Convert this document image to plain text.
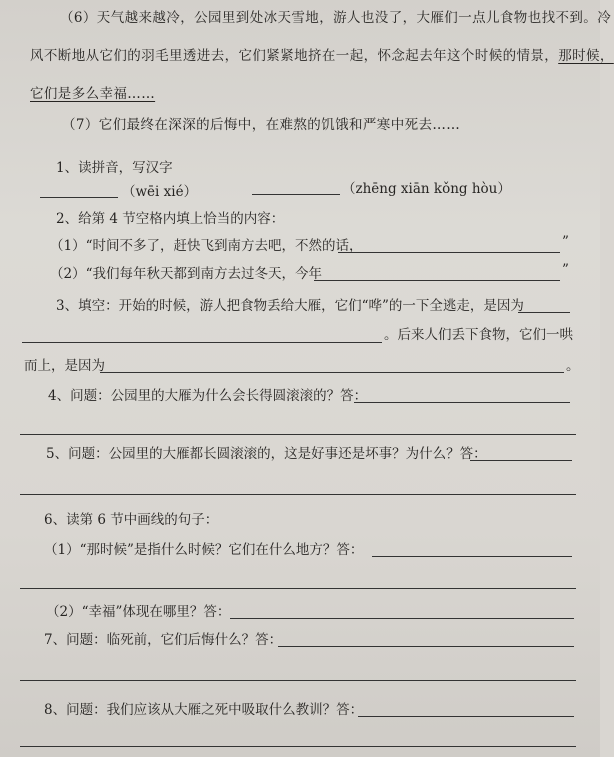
（6）天气越来越冷，公园里到处冰天雪地，游人也没了，大雁们一点儿食物也找不到。冷
风不断地从它们的羽毛里透进去，它们紧紧地挤在一起，怀念起去年这个时候的情景，那时候，
它们是多么幸福……
（7）它们最终在深深的后悔中，在难熬的饥饿和严寒中死去……
1、读拼音，写汉字
（wēi xié）	（zhēng xiān kǒng hòu）
2、给第 4 节空格内填上恰当的内容：
（1）“时间不多了，赶快飞到南方去吧，不然的话，	”
（2）“我们每年秋天都到南方去过冬天，今年	”
3、填空：开始的时候，游人把食物丢给大雁，它们“哗”的一下全逃走，是因为
。后来人们丢下食物，它们一哄
而上，是因为	。
4、问题：公园里的大雁为什么会长得圆滚滚的？答：
5、问题：公园里的大雁都长圆滚滚的，这是好事还是坏事？为什么？答：
6、读第 6 节中画线的句子：
（1）“那时候”是指什么时候？它们在什么地方？答：
（2）“幸福”体现在哪里？答：
7、问题：临死前，它们后悔什么？答：
8、问题：我们应该从大雁之死中吸取什么教训？答：
